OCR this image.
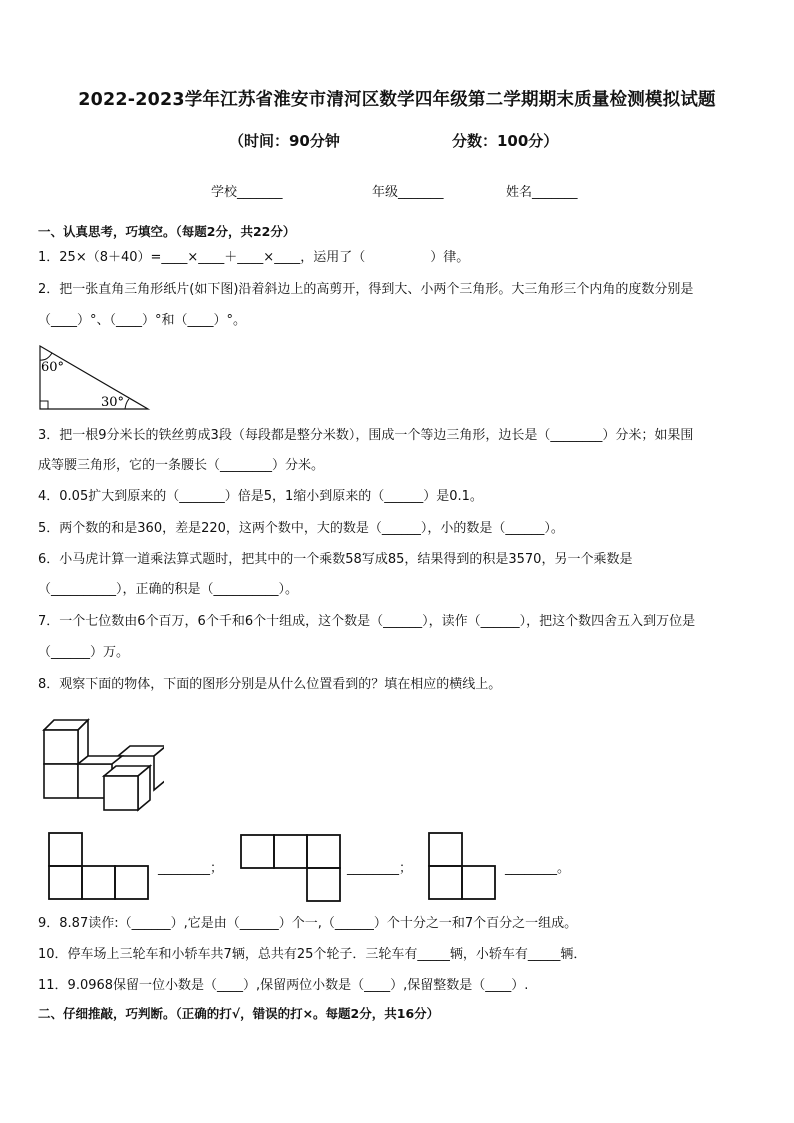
2022-2023学年江苏省淮安市清河区数学四年级第二学期期末质量检测模拟试题
（时间：90分钟	分数：100分）
学校_______	年级_______	姓名_______
一、认真思考，巧填空。（每题2分，共22分）
1．25×（8＋40）=____×____＋____×____，运用了（　　　　　）律。
2．把一张直角三角形纸片(如下图)沿着斜边上的高剪开，得到大、小两个三角形。大三角形三个内角的度数分别是
（____）°、（____）°和（____）°。
60°
30°
3．把一根9分米长的铁丝剪成3段（每段都是整分米数），围成一个等边三角形，边长是（________）分米；如果围
成等腰三角形，它的一条腰长（________）分米。
4．0.05扩大到原来的（_______）倍是5，1缩小到原来的（______）是0.1。
5．两个数的和是360，差是220，这两个数中，大的数是（______），小的数是（______）。
6．小马虎计算一道乘法算式题时，把其中的一个乘数58写成85，结果得到的积是3570，另一个乘数是
（__________），正确的积是（__________）。
7．一个七位数由6个百万，6个千和6个十组成，这个数是（______），读作（______），把这个数四舍五入到万位是
（______）万。
8．观察下面的物体，下面的图形分别是从什么位置看到的？填在相应的横线上。
________；	________；	________。
9．8.87读作:（______）,它是由（______）个一,（______）个十分之一和7个百分之一组成。
10．停车场上三轮车和小轿车共7辆，总共有25个轮子．三轮车有_____辆，小轿车有_____辆．
11．9.0968保留一位小数是（____）,保留两位小数是（____）,保留整数是（____）.
二、仔细推敲，巧判断。（正确的打√，错误的打×。每题2分，共16分）
